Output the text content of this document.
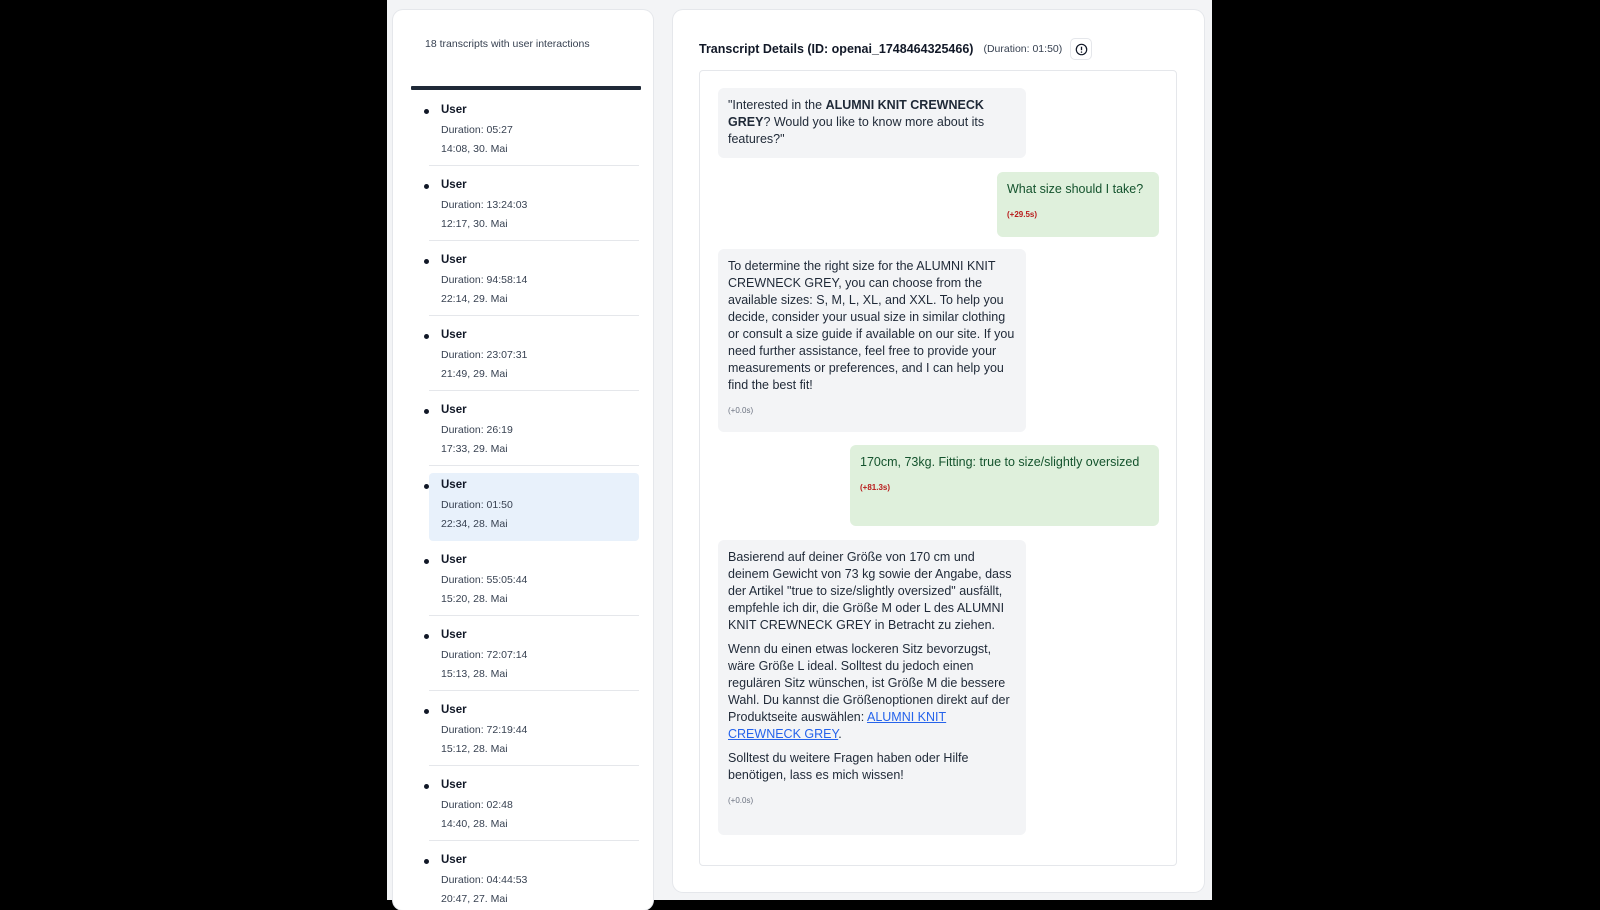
18 transcripts with user interactions
User
Duration: 05:27
14:08, 30. Mai
User
Duration: 13:24:03
12:17, 30. Mai
User
Duration: 94:58:14
22:14, 29. Mai
User
Duration: 23:07:31
21:49, 29. Mai
User
Duration: 26:19
17:33, 29. Mai
User
Duration: 01:50
22:34, 28. Mai
User
Duration: 55:05:44
15:20, 28. Mai
User
Duration: 72:07:14
15:13, 28. Mai
User
Duration: 72:19:44
15:12, 28. Mai
User
Duration: 02:48
14:40, 28. Mai
User
Duration: 04:44:53
20:47, 27. Mai
Transcript Details (ID: openai_1748464325466) (Duration: 01:50)
"Interested in the ALUMNI KNIT CREWNECK GREY? Would you like to know more about its features?"
What size should I take?
(+29.5s)
To determine the right size for the ALUMNI KNIT CREWNECK GREY, you can choose from the available sizes: S, M, L, XL, and XXL. To help you decide, consider your usual size in similar clothing or consult a size guide if available on our site. If you need further assistance, feel free to provide your measurements or preferences, and I can help you find the best fit!
(+0.0s)
170cm, 73kg. Fitting: true to size/slightly oversized
(+81.3s)

Basierend auf deiner Größe von 170 cm und deinem Gewicht von 73 kg sowie der Angabe, dass der Artikel "true to size/slightly oversized" ausfällt, empfehle ich dir, die Größe M oder L des ALUMNI KNIT CREWNECK GREY in Betracht zu ziehen.

Wenn du einen etwas lockeren Sitz bevorzugst, wäre Größe L ideal. Solltest du jedoch einen regulären Sitz wünschen, ist Größe M die bessere Wahl. Du kannst die Größenoptionen direkt auf der Produktseite auswählen: ALUMNI KNIT CREWNECK GREY.

Solltest du weitere Fragen haben oder Hilfe benötigen, lass es mich wissen!

(+0.0s)
